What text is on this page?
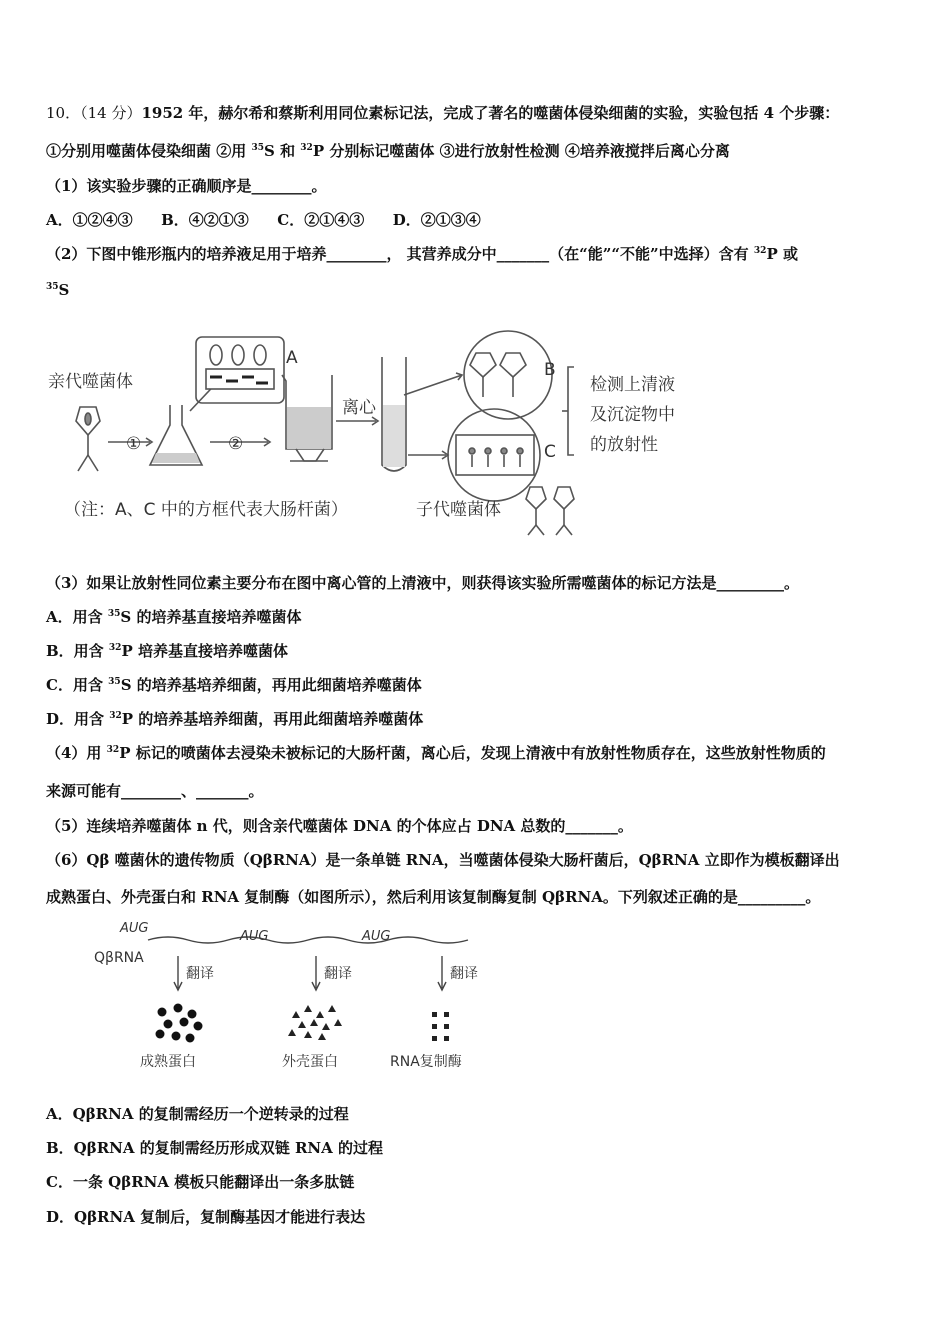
10．（14 分）1952 年，赫尔希和蔡斯利用同位素标记法，完成了著名的噬菌体侵染细菌的实验，实验包括 4 个步骤：
①分别用噬菌体侵染细菌 ②用 $^{35}$S 和 $^{32}$P 分别标记噬菌体 ③进行放射性检测 ④培养液搅拌后离心分离
（1）该实验步骤的正确顺序是________。
A．①②④③ B．④②①③ C．②①④③ D．②①③④
（2）下图中锥形瓶内的培养液足用于培养________， 其营养成分中_______（在“能”“不能”中选择）含有 $^{32}$P 或
$^{35}$S
亲代噬菌体
①	②
A
离心
B
C
检测上清液
及沉淀物中
的放射性
子代噬菌体
（注：A、C 中的方框代表大肠杆菌）
（3）如果让放射性同位素主要分布在图中离心管的上清液中，则获得该实验所需噬菌体的标记方法是_________。
A．用含 $^{35}$S 的培养基直接培养噬菌体
B．用含 $^{32}$P 培养基直接培养噬菌体
C．用含 $^{35}$S 的培养基培养细菌，再用此细菌培养噬菌体
D．用含 $^{32}$P 的培养基培养细菌，再用此细菌培养噬菌体
（4）用 $^{32}$P 标记的喷菌体去浸染未被标记的大肠杆菌，离心后，发现上清液中有放射性物质存在，这些放射性物质的
来源可能有________、_______。
（5）连续培养噬菌体 n 代，则含亲代噬菌体 DNA 的个体应占 DNA 总数的_______。
（6）Qβ 噬菌休的遗传物质（QβRNA）是一条单链 RNA，当噬菌体侵染大肠杆菌后，QβRNA 立即作为模板翻译出
成熟蛋白、外壳蛋白和 RNA 复制酶（如图所示），然后利用该复制酶复制 QβRNA。下列叙述正确的是_________。
AUG
AUG	AUG
QβRNA
翻译	翻译	翻译
成熟蛋白	外壳蛋白	RNA复制酶
A．QβRNA 的复制需经历一个逆转录的过程
B．QβRNA 的复制需经历形成双链 RNA 的过程
C．一条 QβRNA 模板只能翻译出一条多肽链
D．QβRNA 复制后，复制酶基因才能进行表达
